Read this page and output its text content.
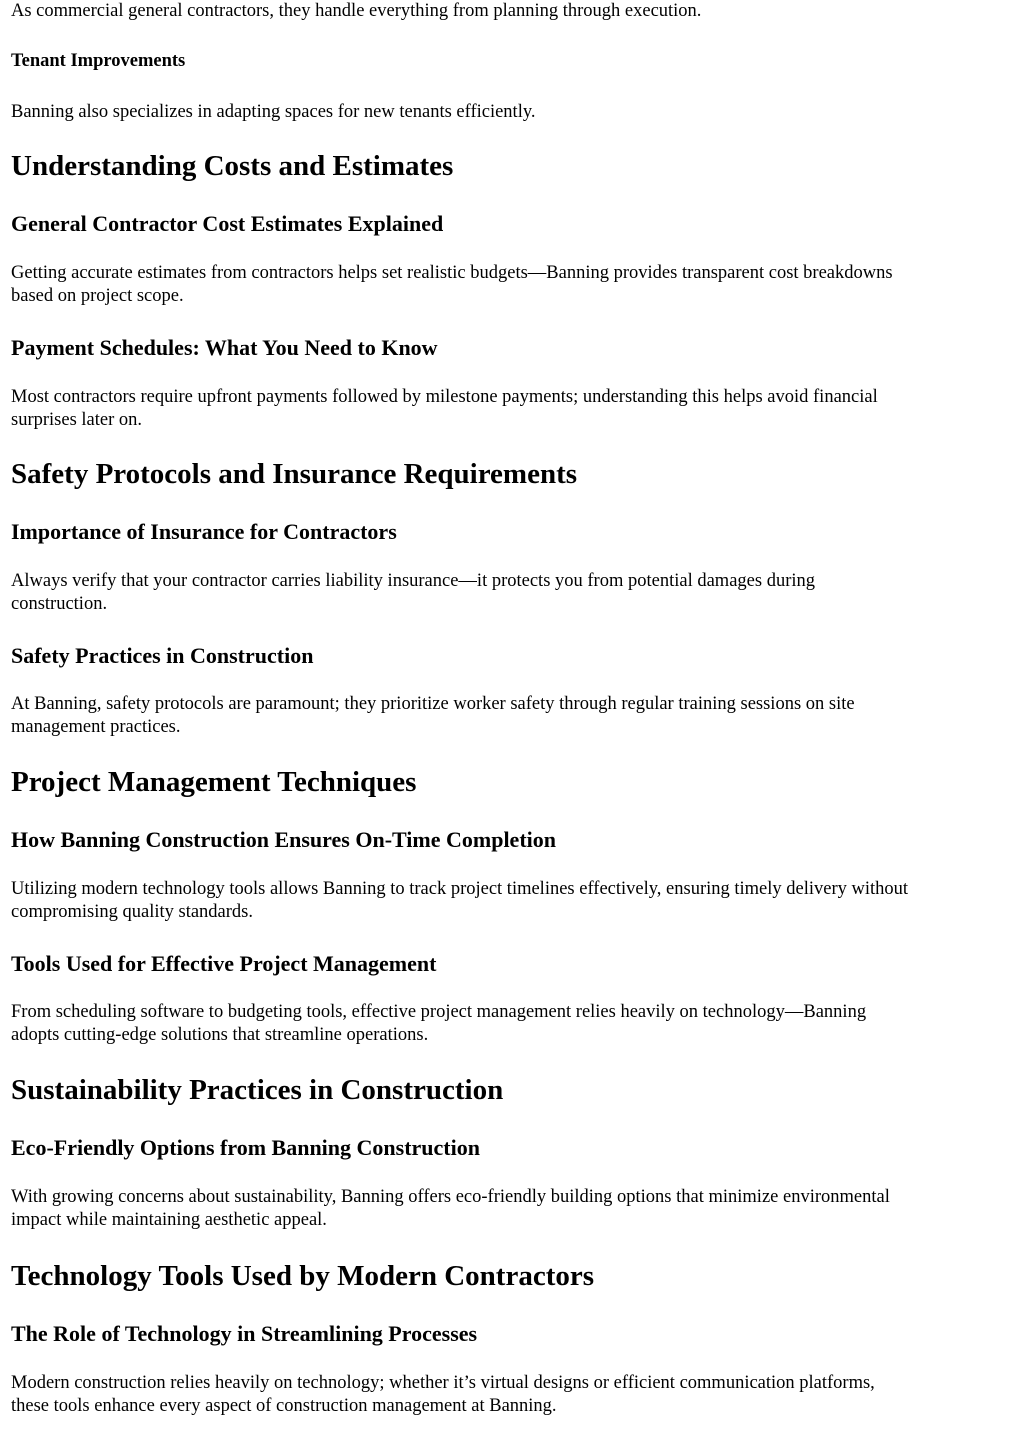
As commercial general contractors, they handle everything from planning through execution.

Tenant Improvements

Banning also specializes in adapting spaces for new tenants efficiently.

Understanding Costs and Estimates
General Contractor Cost Estimates Explained

Getting accurate estimates from contractors helps set realistic budgets—Banning provides transparent cost breakdowns

based on project scope.

Payment Schedules: What You Need to Know

Most contractors require upfront payments followed by milestone payments; understanding this helps avoid financial

surprises later on.

Safety Protocols and Insurance Requirements
Importance of Insurance for Contractors

Always verify that your contractor carries liability insurance—it protects you from potential damages during

construction.

Safety Practices in Construction

At Banning, safety protocols are paramount; they prioritize worker safety through regular training sessions on site

management practices.

Project Management Techniques
How Banning Construction Ensures On-Time Completion

Utilizing modern technology tools allows Banning to track project timelines effectively, ensuring timely delivery without

compromising quality standards.

Tools Used for Effective Project Management

From scheduling software to budgeting tools, effective project management relies heavily on technology—Banning

adopts cutting-edge solutions that streamline operations.

Sustainability Practices in Construction
Eco-Friendly Options from Banning Construction

With growing concerns about sustainability, Banning offers eco-friendly building options that minimize environmental

impact while maintaining aesthetic appeal.

Technology Tools Used by Modern Contractors
The Role of Technology in Streamlining Processes

Modern construction relies heavily on technology; whether it’s virtual designs or efficient communication platforms,

these tools enhance every aspect of construction management at Banning.
